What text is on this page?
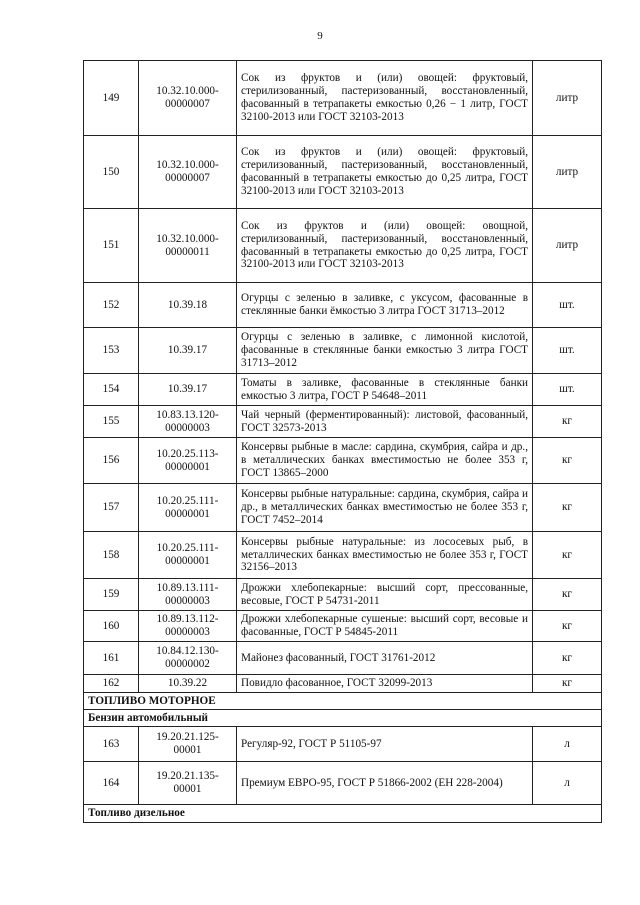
9
149	10.32.10.000-00000007	Сок из фруктов и (или) овощей: фруктовый, стерилизованный, пастеризованный, восстановленный, фасованный в тетрапакеты емкостью 0,26 − 1 литр, ГОСТ 32100-2013 или ГОСТ 32103-2013	литр
150	10.32.10.000-00000007	Сок из фруктов и (или) овощей: фруктовый, стерилизованный, пастеризованный, восстановленный, фасованный в тетрапакеты емкостью до 0,25 литра, ГОСТ 32100-2013 или ГОСТ 32103-2013	литр
151	10.32.10.000-00000011	Сок из фруктов и (или) овощей: овощной, стерилизованный, пастеризованный, восстановленный, фасованный в тетрапакеты емкостью до 0,25 литра, ГОСТ 32100-2013 или ГОСТ 32103-2013	литр
152	10.39.18	Огурцы с зеленью в заливке, с уксусом, фасованные в стеклянные банки ёмкостью 3 литра ГОСТ 31713–2012	шт.
153	10.39.17	Огурцы с зеленью в заливке, с лимонной кислотой, фасованные в стеклянные банки емкостью 3 литра ГОСТ 31713–2012	шт.
154	10.39.17	Томаты в заливке, фасованные в стеклянные банки емкостью 3 литра, ГОСТ Р 54648–2011	шт.
155	10.83.13.120-00000003	Чай черный (ферментированный): листовой, фасованный, ГОСТ 32573-2013	кг
156	10.20.25.113-00000001	Консервы рыбные в масле: сардина, скумбрия, сайра и др., в металлических банках вместимостью не более 353 г, ГОСТ 13865–2000	кг
157	10.20.25.111-00000001	Консервы рыбные натуральные: сардина, скумбрия, сайра и др., в металлических банках вместимостью не более 353 г, ГОСТ 7452–2014	кг
158	10.20.25.111-00000001	Консервы рыбные натуральные: из лососевых рыб, в металлических банках вместимостью не более 353 г, ГОСТ 32156–2013	кг
159	10.89.13.111-00000003	Дрожжи хлебопекарные: высший сорт, прессованные, весовые, ГОСТ Р 54731-2011	кг
160	10.89.13.112-00000003	Дрожжи хлебопекарные сушеные: высший сорт, весовые и фасованные, ГОСТ Р 54845-2011	кг
161	10.84.12.130-00000002	Майонез фасованный, ГОСТ 31761-2012	кг
162	10.39.22	Повидло фасованное, ГОСТ 32099-2013	кг
ТОПЛИВО МОТОРНОЕ			
Бензин автомобильный			
163	19.20.21.125-00001	Регуляр-92, ГОСТ Р 51105-97	л
164	19.20.21.135-00001	Премиум ЕВРО-95, ГОСТ Р 51866-2002 (ЕН 228-2004)	л
Топливо дизельное			
